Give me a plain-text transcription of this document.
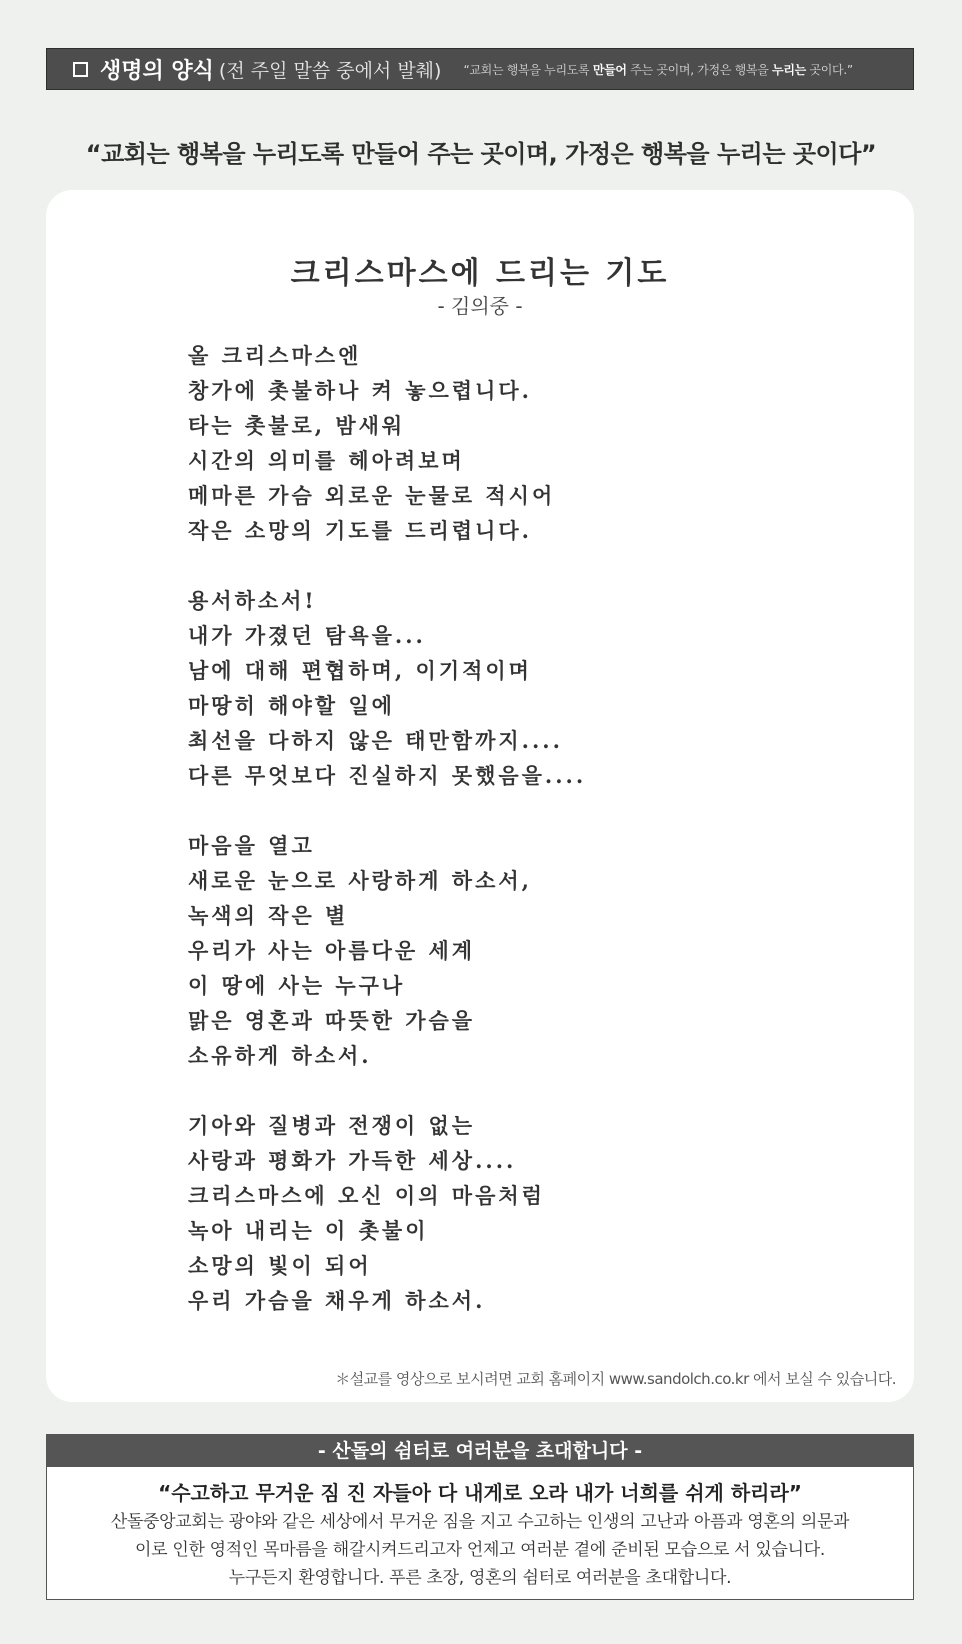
생명의 양식 (전 주일 말씀 중에서 발췌) “교회는 행복을 누리도록 만들어 주는 곳이며, 가정은 행복을 누리는 곳이다.”
“교회는 행복을 누리도록 만들어 주는 곳이며, 가정은 행복을 누리는 곳이다”
크리스마스에 드리는 기도
- 김의중 -
올 크리스마스엔
창가에 촛불하나 켜 놓으렵니다.
타는 촛불로, 밤새워
시간의 의미를 헤아려보며
메마른 가슴 외로운 눈물로 적시어
작은 소망의 기도를 드리렵니다.
용서하소서!
내가 가졌던 탐욕을...
남에 대해 편협하며, 이기적이며
마땅히 해야할 일에
최선을 다하지 않은 태만함까지....
다른 무엇보다 진실하지 못했음을....
마음을 열고
새로운 눈으로 사랑하게 하소서,
녹색의 작은 별
우리가 사는 아름다운 세계
이 땅에 사는 누구나
맑은 영혼과 따뜻한 가슴을
소유하게 하소서.
기아와 질병과 전쟁이 없는
사랑과 평화가 가득한 세상....
크리스마스에 오신 이의 마음처럼
녹아 내리는 이 촛불이
소망의 빛이 되어
우리 가슴을 채우게 하소서.
＊설교를 영상으로 보시려면 교회 홈페이지 www.sandolch.co.kr 에서 보실 수 있습니다.
- 산돌의 쉼터로 여러분을 초대합니다 -
“수고하고 무거운 짐 진 자들아 다 내게로 오라 내가 너희를 쉬게 하리라”
산돌중앙교회는 광야와 같은 세상에서 무거운 짐을 지고 수고하는 인생의 고난과 아픔과 영혼의 의문과
이로 인한 영적인 목마름을 해갈시켜드리고자 언제고 여러분 곁에 준비된 모습으로 서 있습니다.
누구든지 환영합니다. 푸른 초장, 영혼의 쉼터로 여러분을 초대합니다.
